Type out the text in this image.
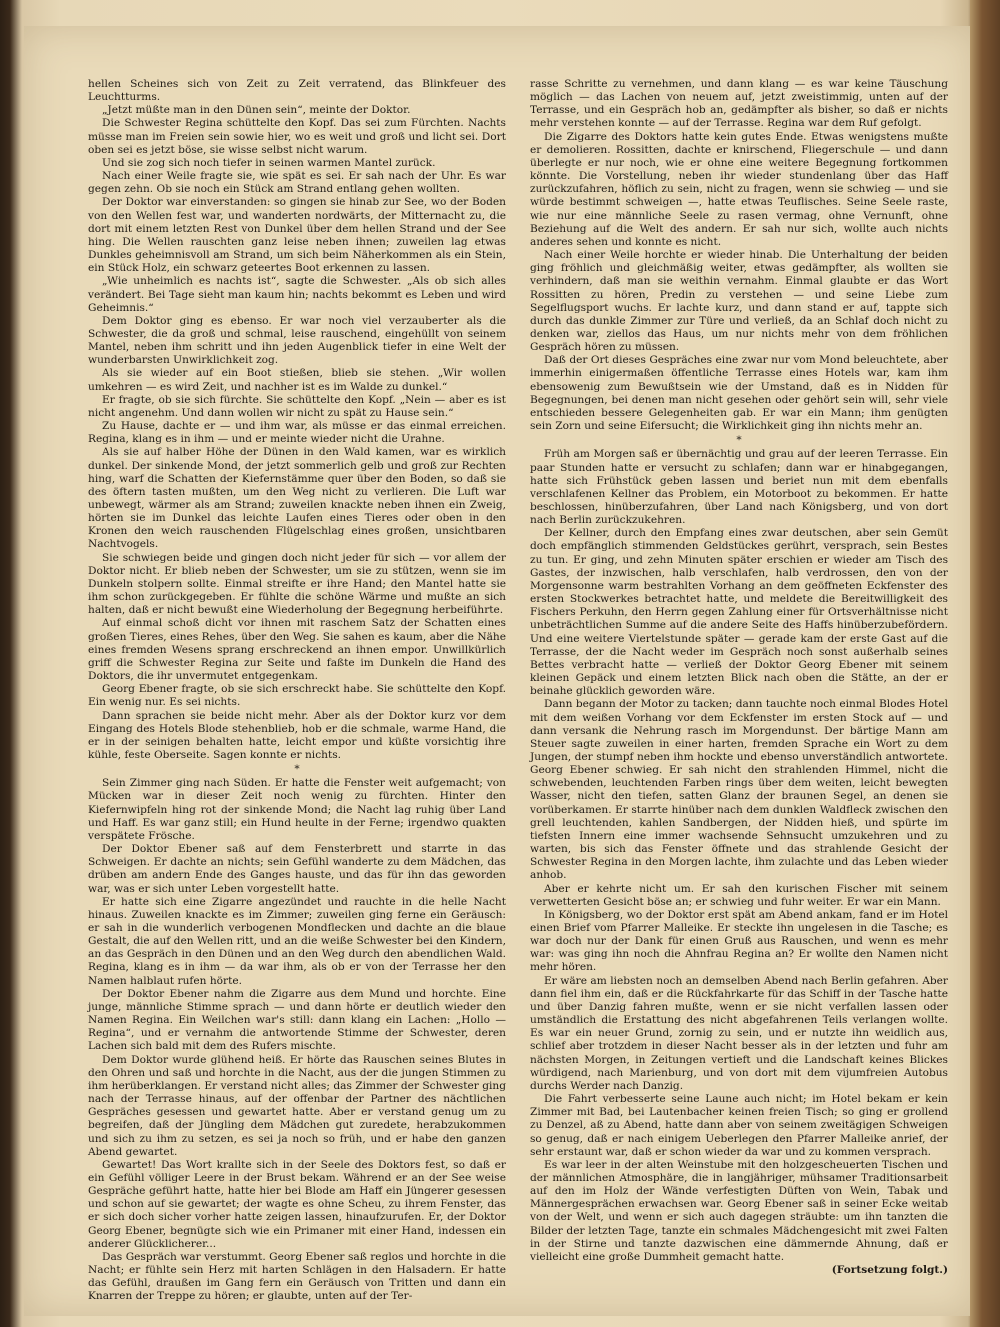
hellen Scheines sich von Zeit zu Zeit verratend, das Blinkfeuer des Leuchtturms.

„Jetzt müßte man in den Dünen sein“, meinte der Doktor.

Die Schwester Regina schüttelte den Kopf. Das sei zum Fürchten. Nachts müsse man im Freien sein sowie hier, wo es weit und groß und licht sei. Dort oben sei es jetzt böse, sie wisse selbst nicht warum.

Und sie zog sich noch tiefer in seinen warmen Mantel zurück.

Nach einer Weile fragte sie, wie spät es sei. Er sah nach der Uhr. Es war gegen zehn. Ob sie noch ein Stück am Strand entlang gehen wollten.

Der Doktor war einverstanden: so gingen sie hinab zur See, wo der Boden von den Wellen fest war, und wanderten nordwärts, der Mitternacht zu, die dort mit einem letzten Rest von Dunkel über dem hellen Strand und der See hing. Die Wellen rauschten ganz leise neben ihnen; zuweilen lag etwas Dunkles geheimnisvoll am Strand, um sich beim Näherkommen als ein Stein, ein Stück Holz, ein schwarz geteertes Boot erkennen zu lassen.

„Wie unheimlich es nachts ist“, sagte die Schwester. „Als ob sich alles verändert. Bei Tage sieht man kaum hin; nachts bekommt es Leben und wird Geheimnis.“

Dem Doktor ging es ebenso. Er war noch viel verzauberter als die Schwester, die da groß und schmal, leise rauschend, eingehüllt von seinem Mantel, neben ihm schritt und ihn jeden Augenblick tiefer in eine Welt der wunderbarsten Unwirklichkeit zog.

Als sie wieder auf ein Boot stießen, blieb sie stehen. „Wir wollen umkehren — es wird Zeit, und nachher ist es im Walde zu dunkel.“

Er fragte, ob sie sich fürchte. Sie schüttelte den Kopf. „Nein — aber es ist nicht angenehm. Und dann wollen wir nicht zu spät zu Hause sein.“

Zu Hause, dachte er — und ihm war, als müsse er das einmal erreichen. Regina, klang es in ihm — und er meinte wieder nicht die Urahne.

Als sie auf halber Höhe der Dünen in den Wald kamen, war es wirklich dunkel. Der sinkende Mond, der jetzt sommerlich gelb und groß zur Rechten hing, warf die Schatten der Kiefernstämme quer über den Boden, so daß sie des öftern tasten mußten, um den Weg nicht zu verlieren. Die Luft war unbewegt, wärmer als am Strand; zuweilen knackte neben ihnen ein Zweig, hörten sie im Dunkel das leichte Laufen eines Tieres oder oben in den Kronen den weich rauschenden Flügelschlag eines großen, unsichtbaren Nachtvogels.

Sie schwiegen beide und gingen doch nicht jeder für sich — vor allem der Doktor nicht. Er blieb neben der Schwester, um sie zu stützen, wenn sie im Dunkeln stolpern sollte. Einmal streifte er ihre Hand; den Mantel hatte sie ihm schon zurückgegeben. Er fühlte die schöne Wärme und mußte an sich halten, daß er nicht bewußt eine Wiederholung der Begegnung herbeiführte.

Auf einmal schoß dicht vor ihnen mit raschem Satz der Schatten eines großen Tieres, eines Rehes, über den Weg. Sie sahen es kaum, aber die Nähe eines fremden Wesens sprang erschreckend an ihnen empor. Unwillkürlich griff die Schwester Regina zur Seite und faßte im Dunkeln die Hand des Doktors, die ihr unvermutet entgegenkam.

Georg Ebener fragte, ob sie sich erschreckt habe. Sie schüttelte den Kopf. Ein wenig nur. Es sei nichts.

Dann sprachen sie beide nicht mehr. Aber als der Doktor kurz vor dem Eingang des Hotels Blode stehenblieb, hob er die schmale, warme Hand, die er in der seinigen behalten hatte, leicht empor und küßte vorsichtig ihre kühle, feste Oberseite. Sagen konnte er nichts.

*

Sein Zimmer ging nach Süden. Er hatte die Fenster weit aufgemacht; von Mücken war in dieser Zeit noch wenig zu fürchten. Hinter den Kiefernwipfeln hing rot der sinkende Mond; die Nacht lag ruhig über Land und Haff. Es war ganz still; ein Hund heulte in der Ferne; irgendwo quakten verspätete Frösche.

Der Doktor Ebener saß auf dem Fensterbrett und starrte in das Schweigen. Er dachte an nichts; sein Gefühl wanderte zu dem Mädchen, das drüben am andern Ende des Ganges hauste, und das für ihn das geworden war, was er sich unter Leben vorgestellt hatte.

Er hatte sich eine Zigarre angezündet und rauchte in die helle Nacht hinaus. Zuweilen knackte es im Zimmer; zuweilen ging ferne ein Geräusch: er sah in die wunderlich verbogenen Mondflecken und dachte an die blaue Gestalt, die auf den Wellen ritt, und an die weiße Schwester bei den Kindern, an das Gespräch in den Dünen und an den Weg durch den abendlichen Wald. Regina, klang es in ihm — da war ihm, als ob er von der Terrasse her den Namen halblaut rufen hörte.

Der Doktor Ebener nahm die Zigarre aus dem Mund und horchte. Eine junge, männliche Stimme sprach — und dann hörte er deutlich wieder den Namen Regina. Ein Weilchen war's still: dann klang ein Lachen: „Hollo — Regina“, und er vernahm die antwortende Stimme der Schwester, deren Lachen sich bald mit dem des Rufers mischte.

Dem Doktor wurde glühend heiß. Er hörte das Rauschen seines Blutes in den Ohren und saß und horchte in die Nacht, aus der die jungen Stimmen zu ihm herüberklangen. Er verstand nicht alles; das Zimmer der Schwester ging nach der Terrasse hinaus, auf der offenbar der Partner des nächtlichen Gespräches gesessen und gewartet hatte. Aber er verstand genug um zu begreifen, daß der Jüngling dem Mädchen gut zuredete, herabzukommen und sich zu ihm zu setzen, es sei ja noch so früh, und er habe den ganzen Abend gewartet.

Gewartet! Das Wort krallte sich in der Seele des Doktors fest, so daß er ein Gefühl völliger Leere in der Brust bekam. Während er an der See weise Gespräche geführt hatte, hatte hier bei Blode am Haff ein Jüngerer gesessen und schon auf sie gewartet; der wagte es ohne Scheu, zu ihrem Fenster, das er sich doch sicher vorher hatte zeigen lassen, hinaufzurufen. Er, der Doktor Georg Ebener, begnügte sich wie ein Primaner mit einer Hand, indessen ein anderer Glücklicherer...

Das Gespräch war verstummt. Georg Ebener saß reglos und horchte in die Nacht; er fühlte sein Herz mit harten Schlägen in den Halsadern. Er hatte das Gefühl, draußen im Gang fern ein Geräusch von Tritten und dann ein Knarren der Treppe zu hören; er glaubte, unten auf der Ter-

rasse Schritte zu vernehmen, und dann klang — es war keine Täuschung möglich — das Lachen von neuem auf, jetzt zweistimmig, unten auf der Terrasse, und ein Gespräch hob an, gedämpfter als bisher, so daß er nichts mehr verstehen konnte — auf der Terrasse. Regina war dem Ruf gefolgt.

Die Zigarre des Doktors hatte kein gutes Ende. Etwas wenigstens mußte er demolieren. Rossitten, dachte er knirschend, Fliegerschule — und dann überlegte er nur noch, wie er ohne eine weitere Begegnung fortkommen könnte. Die Vorstellung, neben ihr wieder stundenlang über das Haff zurückzufahren, höflich zu sein, nicht zu fragen, wenn sie schwieg — und sie würde bestimmt schweigen —, hatte etwas Teuflisches. Seine Seele raste, wie nur eine männliche Seele zu rasen vermag, ohne Vernunft, ohne Beziehung auf die Welt des andern. Er sah nur sich, wollte auch nichts anderes sehen und konnte es nicht.

Nach einer Weile horchte er wieder hinab. Die Unterhaltung der beiden ging fröhlich und gleichmäßig weiter, etwas gedämpfter, als wollten sie verhindern, daß man sie weithin vernahm. Einmal glaubte er das Wort Rossitten zu hören, Predin zu verstehen — und seine Liebe zum Segelflugsport wuchs. Er lachte kurz, und dann stand er auf, tappte sich durch das dunkle Zimmer zur Türe und verließ, da an Schlaf doch nicht zu denken war, ziellos das Haus, um nur nichts mehr von dem fröhlichen Gespräch hören zu müssen.

Daß der Ort dieses Gespräches eine zwar nur vom Mond beleuchtete, aber immerhin einigermaßen öffentliche Terrasse eines Hotels war, kam ihm ebensowenig zum Bewußtsein wie der Umstand, daß es in Nidden für Begegnungen, bei denen man nicht gesehen oder gehört sein will, sehr viele entschieden bessere Gelegenheiten gab. Er war ein Mann; ihm genügten sein Zorn und seine Eifersucht; die Wirklichkeit ging ihn nichts mehr an.

*

Früh am Morgen saß er übernächtig und grau auf der leeren Terrasse. Ein paar Stunden hatte er versucht zu schlafen; dann war er hinabgegangen, hatte sich Frühstück geben lassen und beriet nun mit dem ebenfalls verschlafenen Kellner das Problem, ein Motorboot zu bekommen. Er hatte beschlossen, hinüberzufahren, über Land nach Königsberg, und von dort nach Berlin zurückzukehren.

Der Kellner, durch den Empfang eines zwar deutschen, aber sein Gemüt doch empfänglich stimmenden Geldstückes gerührt, versprach, sein Bestes zu tun. Er ging, und zehn Minuten später erschien er wieder am Tisch des Gastes, der inzwischen, halb verschlafen, halb verdrossen, den von der Morgensonne warm bestrahlten Vorhang an dem geöffneten Eckfenster des ersten Stockwerkes betrachtet hatte, und meldete die Bereitwilligkeit des Fischers Perkuhn, den Herrn gegen Zahlung einer für Ortsverhältnisse nicht unbeträchtlichen Summe auf die andere Seite des Haffs hinüberzubefördern. Und eine weitere Viertelstunde später — gerade kam der erste Gast auf die Terrasse, der die Nacht weder im Gespräch noch sonst außerhalb seines Bettes verbracht hatte — verließ der Doktor Georg Ebener mit seinem kleinen Gepäck und einem letzten Blick nach oben die Stätte, an der er beinahe glücklich geworden wäre.

Dann begann der Motor zu tacken; dann tauchte noch einmal Blodes Hotel mit dem weißen Vorhang vor dem Eckfenster im ersten Stock auf — und dann versank die Nehrung rasch im Morgendunst. Der bärtige Mann am Steuer sagte zuweilen in einer harten, fremden Sprache ein Wort zu dem Jungen, der stumpf neben ihm hockte und ebenso unverständlich antwortete. Georg Ebener schwieg. Er sah nicht den strahlenden Himmel, nicht die schwebenden, leuchtenden Farben rings über dem weiten, leicht bewegten Wasser, nicht den tiefen, satten Glanz der braunen Segel, an denen sie vorüberkamen. Er starrte hinüber nach dem dunklen Waldfleck zwischen den grell leuchtenden, kahlen Sandbergen, der Nidden hieß, und spürte im tiefsten Innern eine immer wachsende Sehnsucht umzukehren und zu warten, bis sich das Fenster öffnete und das strahlende Gesicht der Schwester Regina in den Morgen lachte, ihm zulachte und das Leben wieder anhob.

Aber er kehrte nicht um. Er sah den kurischen Fischer mit seinem verwetterten Gesicht böse an; er schwieg und fuhr weiter. Er war ein Mann.

In Königsberg, wo der Doktor erst spät am Abend ankam, fand er im Hotel einen Brief vom Pfarrer Malleike. Er steckte ihn ungelesen in die Tasche; es war doch nur der Dank für einen Gruß aus Rauschen, und wenn es mehr war: was ging ihn noch die Ahnfrau Regina an? Er wollte den Namen nicht mehr hören.

Er wäre am liebsten noch an demselben Abend nach Berlin gefahren. Aber dann fiel ihm ein, daß er die Rückfahrkarte für das Schiff in der Tasche hatte und über Danzig fahren mußte, wenn er sie nicht verfallen lassen oder umständlich die Erstattung des nicht abgefahrenen Teils verlangen wollte. Es war ein neuer Grund, zornig zu sein, und er nutzte ihn weidlich aus, schlief aber trotzdem in dieser Nacht besser als in der letzten und fuhr am nächsten Morgen, in Zeitungen vertieft und die Landschaft keines Blickes würdigend, nach Marienburg, und von dort mit dem vijumfreien Autobus durchs Werder nach Danzig.

Die Fahrt verbesserte seine Laune auch nicht; im Hotel bekam er kein Zimmer mit Bad, bei Lautenbacher keinen freien Tisch; so ging er grollend zu Denzel, aß zu Abend, hatte dann aber von seinem zweitägigen Schweigen so genug, daß er nach einigem Ueberlegen den Pfarrer Malleike anrief, der sehr erstaunt war, daß er schon wieder da war und zu kommen versprach.

Es war leer in der alten Weinstube mit den holzgescheuerten Tischen und der männlichen Atmosphäre, die in langjähriger, mühsamer Traditionsarbeit auf den im Holz der Wände verfestigten Düften von Wein, Tabak und Männergesprächen erwachsen war. Georg Ebener saß in seiner Ecke weitab von der Welt, und wenn er sich auch dagegen sträubte: um ihn tanzten die Bilder der letzten Tage, tanzte ein schmales Mädchengesicht mit zwei Falten in der Stirne und tanzte dazwischen eine dämmernde Ahnung, daß er vielleicht eine große Dummheit gemacht hatte.

(Fortsetzung folgt.)
